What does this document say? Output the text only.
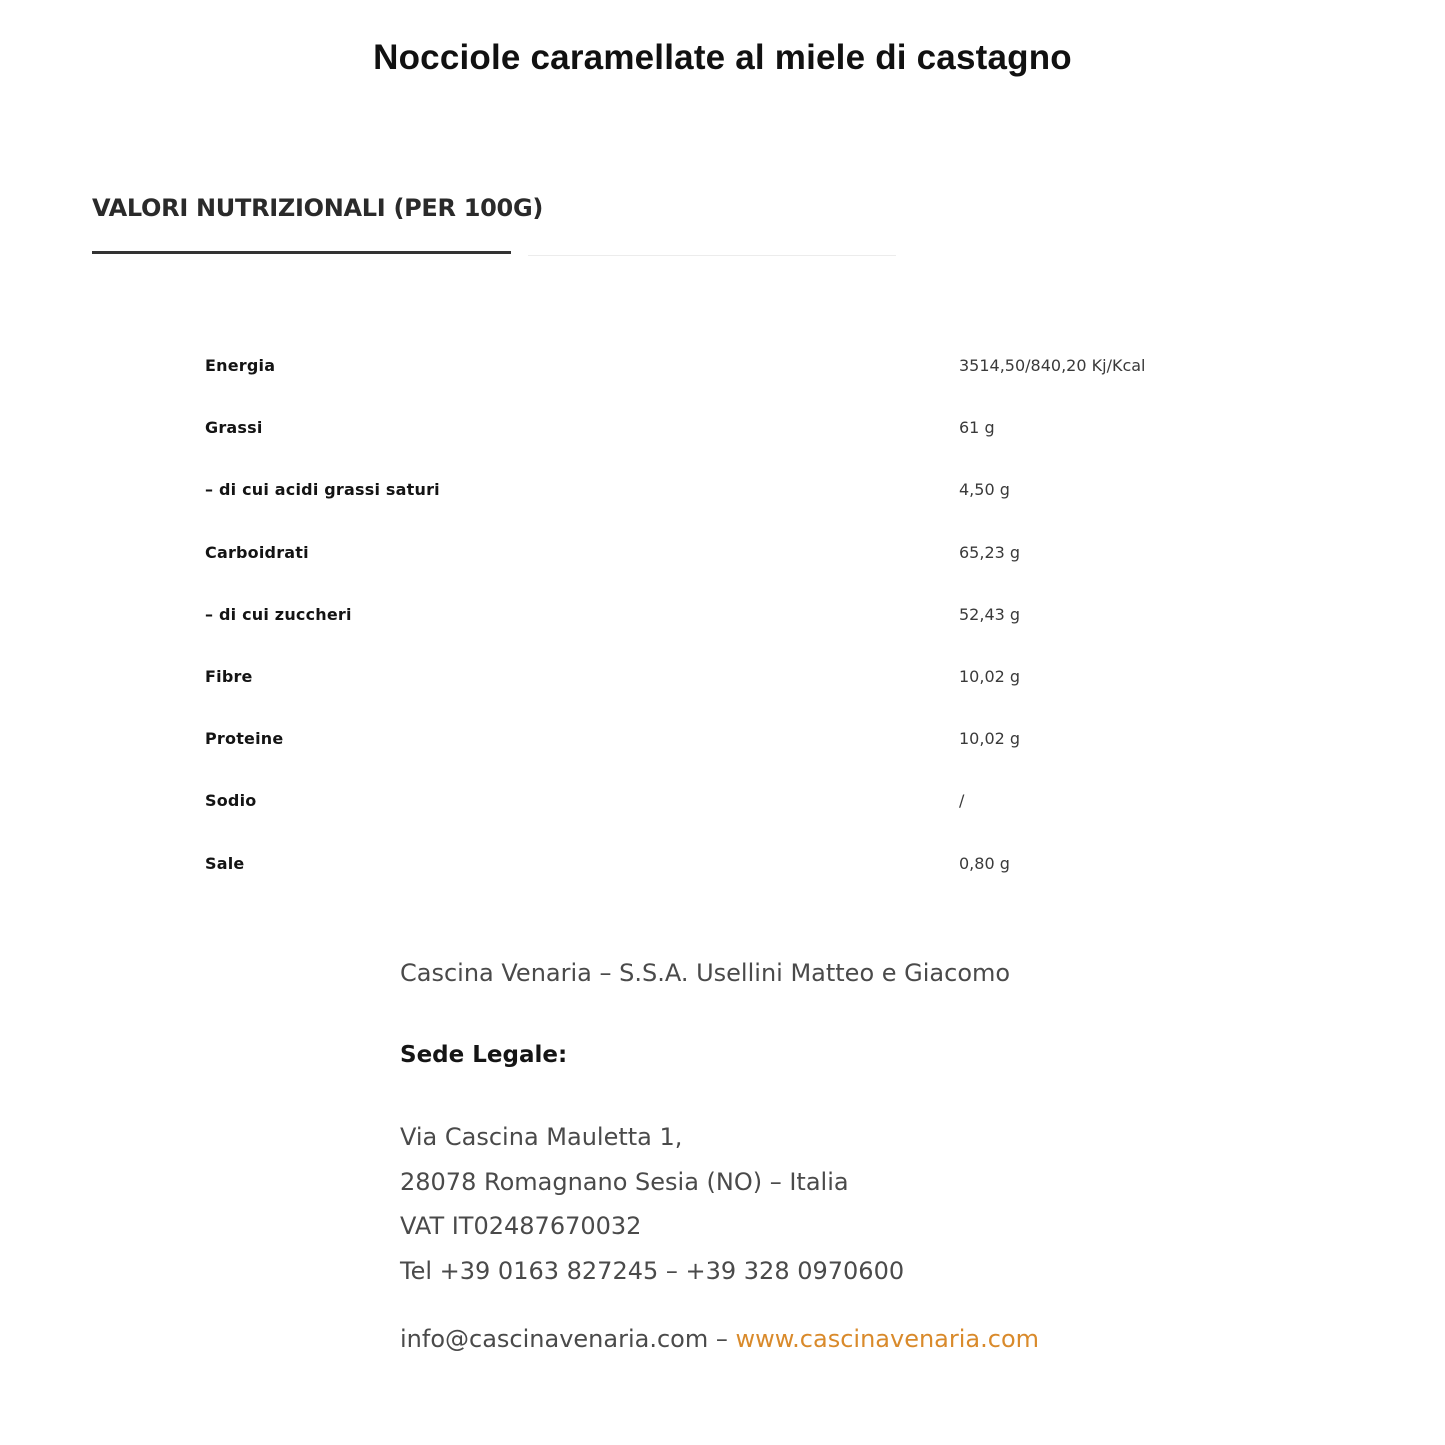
Nocciole caramellate al miele di castagno
VALORI NUTRIZIONALI (PER 100G)
Energia	3514,50/840,20 Kj/Kcal
Grassi	61 g
– di cui acidi grassi saturi	4,50 g
Carboidrati	65,23 g
– di cui zuccheri	52,43 g
Fibre	10,02 g
Proteine	10,02 g
Sodio	/
Sale	0,80 g
Cascina Venaria – S.S.A. Usellini Matteo e Giacomo
Sede Legale:
Via Cascina Mauletta 1,
28078 Romagnano Sesia (NO) – Italia
VAT IT02487670032
Tel +39 0163 827245 – +39 328 0970600
info@cascinavenaria.com – www.cascinavenaria.com
